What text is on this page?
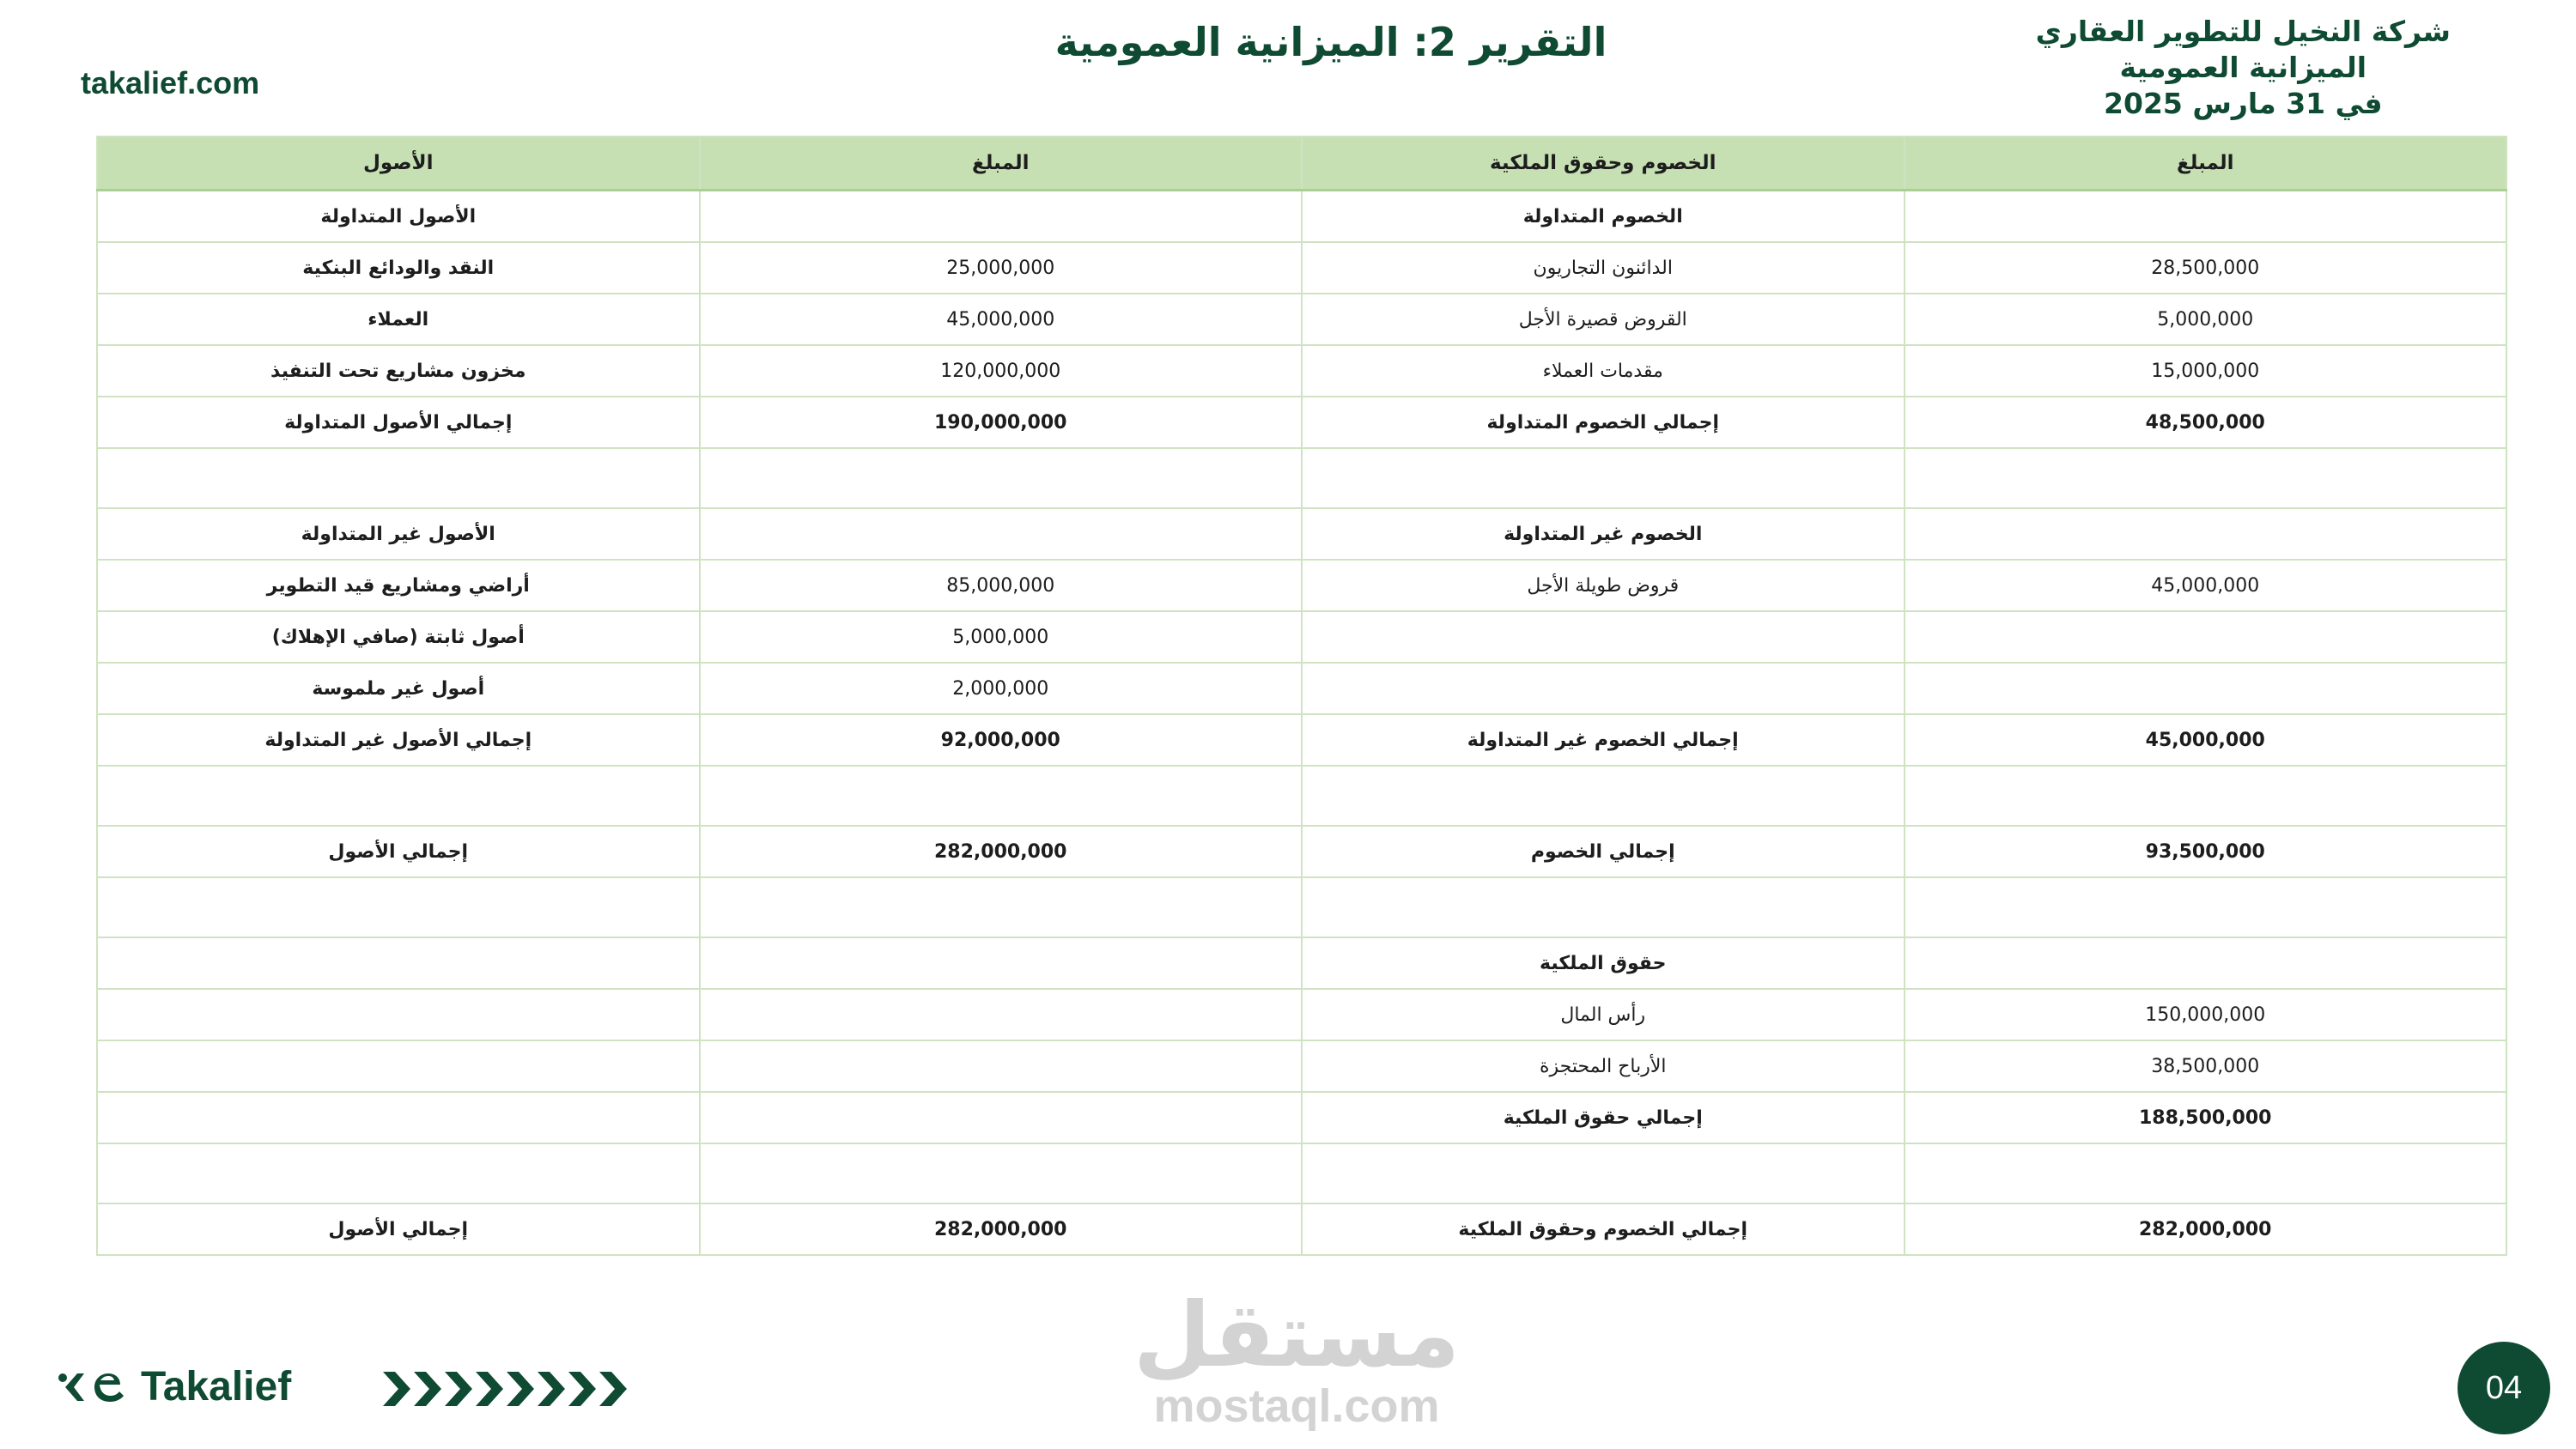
takalief.com
التقرير 2: الميزانية العمومية	شركة النخيل للتطوير العقاري
الميزانية العمومية
في 31 مارس 2025
الأصول	المبلغ	الخصوم وحقوق الملكية	المبلغ
الأصول المتداولة		الخصوم المتداولة	
النقد والودائع البنكية	25,000,000	الدائنون التجاريون	28,500,000
العملاء	45,000,000	القروض قصيرة الأجل	5,000,000
مخزون مشاريع تحت التنفيذ	120,000,000	مقدمات العملاء	15,000,000
إجمالي الأصول المتداولة	190,000,000	إجمالي الخصوم المتداولة	48,500,000

الأصول غير المتداولة		الخصوم غير المتداولة	
أراضي ومشاريع قيد التطوير	85,000,000	قروض طويلة الأجل	45,000,000
أصول ثابتة (صافي الإهلاك)	5,000,000		
أصول غير ملموسة	2,000,000		
إجمالي الأصول غير المتداولة	92,000,000	إجمالي الخصوم غير المتداولة	45,000,000

إجمالي الأصول	282,000,000	إجمالي الخصوم	93,500,000

		حقوق الملكية	
		رأس المال	150,000,000
		الأرباح المحتجزة	38,500,000
		إجمالي حقوق الملكية	188,500,000

إجمالي الأصول	282,000,000	إجمالي الخصوم وحقوق الملكية	282,000,000
Takalief	مستقل
mostaql.com	04
